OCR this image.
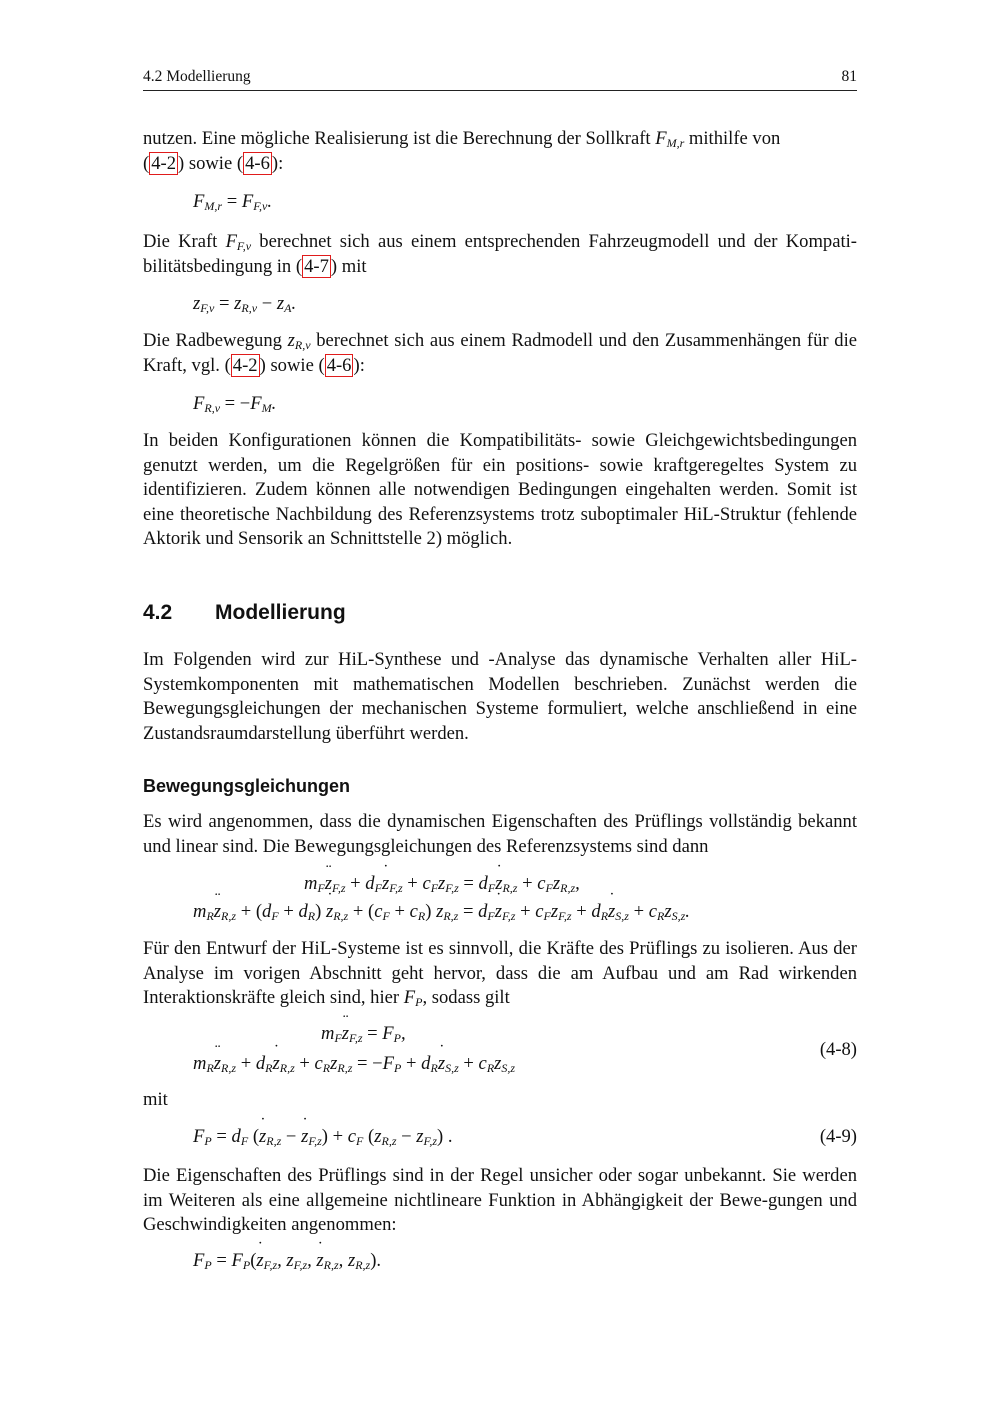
4.2 Modellierung	81
nutzen. Eine mögliche Realisierung ist die Berechnung der Sollkraft $F_{M,r}$ mithilfe von
( 4-2 ) sowie ( 4-6 ):
$F_{M,r} = F_{F,v}$.
Die Kraft $F_{F,v}$ berechnet sich aus einem entsprechenden Fahrzeugmodell und der Kompati-bilitätsbedingung in ( 4-7 ) mit
$z_{F,v} = z_{R,v} - z_A$.
Die Radbewegung $z_{R,v}$ berechnet sich aus einem Radmodell und den Zusammenhängen für die Kraft, vgl. ( 4-2 ) sowie ( 4-6 ):
$F_{R,v} = -F_M$.
In beiden Konfigurationen können die Kompatibilitäts- sowie Gleichgewichtsbedingungen genutzt werden, um die Regelgrößen für ein positions- sowie kraftgeregeltes System zu identifizieren. Zudem können alle notwendigen Bedingungen eingehalten werden. Somit ist eine theoretische Nachbildung des Referenzsystems trotz suboptimaler HiL-Struktur (fehlende Aktorik und Sensorik an Schnittstelle 2) möglich.
4.2 Modellierung
Im Folgenden wird zur HiL-Synthese und -Analyse das dynamische Verhalten aller HiL-Systemkomponenten mit mathematischen Modellen beschrieben. Zunächst werden die Bewegungsgleichungen der mechanischen Systeme formuliert, welche anschließend in eine Zustandsraumdarstellung überführt werden.
Bewegungsgleichungen
Es wird angenommen, dass die dynamischen Eigenschaften des Prüflings vollständig bekannt und linear sind. Die Bewegungsgleichungen des Referenzsystems sind dann
$m_Fz$ $¨_{F,z} + d_Fz$ $˙_{F,z} + c_Fz_{F,z} = d_Fz$ $˙_{R,z} + c_Fz_{R,z}$,
$m_Rz$ $¨_{R,z} + (d_F + d_R)$ z $˙_{R,z} + (c_F + c_R) z_{R,z} = d_Fz$ $˙_{F,z} + c_Fz_{F,z} + d_Rz$ $˙_{S,z} + c_Rz_{S,z}$.
Für den Entwurf der HiL-Systeme ist es sinnvoll, die Kräfte des Prüflings zu isolieren. Aus der Analyse im vorigen Abschnitt geht hervor, dass die am Aufbau und am Rad wirkenden Interaktionskräfte gleich sind, hier $F_P$, sodass gilt
$m_Fz$ $¨_{F,z} = F_P$,
$m_Rz$ $¨_{R,z} + d_Rz$ $˙_{R,z} + c_Rz_{R,z} = -F_P + d_Rz$ $˙_{S,z} + c_Rz_{S,z}$
(4-8)
mit
$F_P = d_F$ (z $˙_{R,z} - z$ $˙_{F,z}) + c_F$ $(z_{R,z} - z_{F,z})$ .	(4-9)
Die Eigenschaften des Prüflings sind in der Regel unsicher oder sogar unbekannt. Sie werden im Weiteren als eine allgemeine nichtlineare Funktion in Abhängigkeit der Bewe-gungen und Geschwindigkeiten angenommen:
$F_P = F_P(z$ $˙_{F,z}$, $z_{F,z}$, z $˙_{R,z}$, $z_{R,z}$).
